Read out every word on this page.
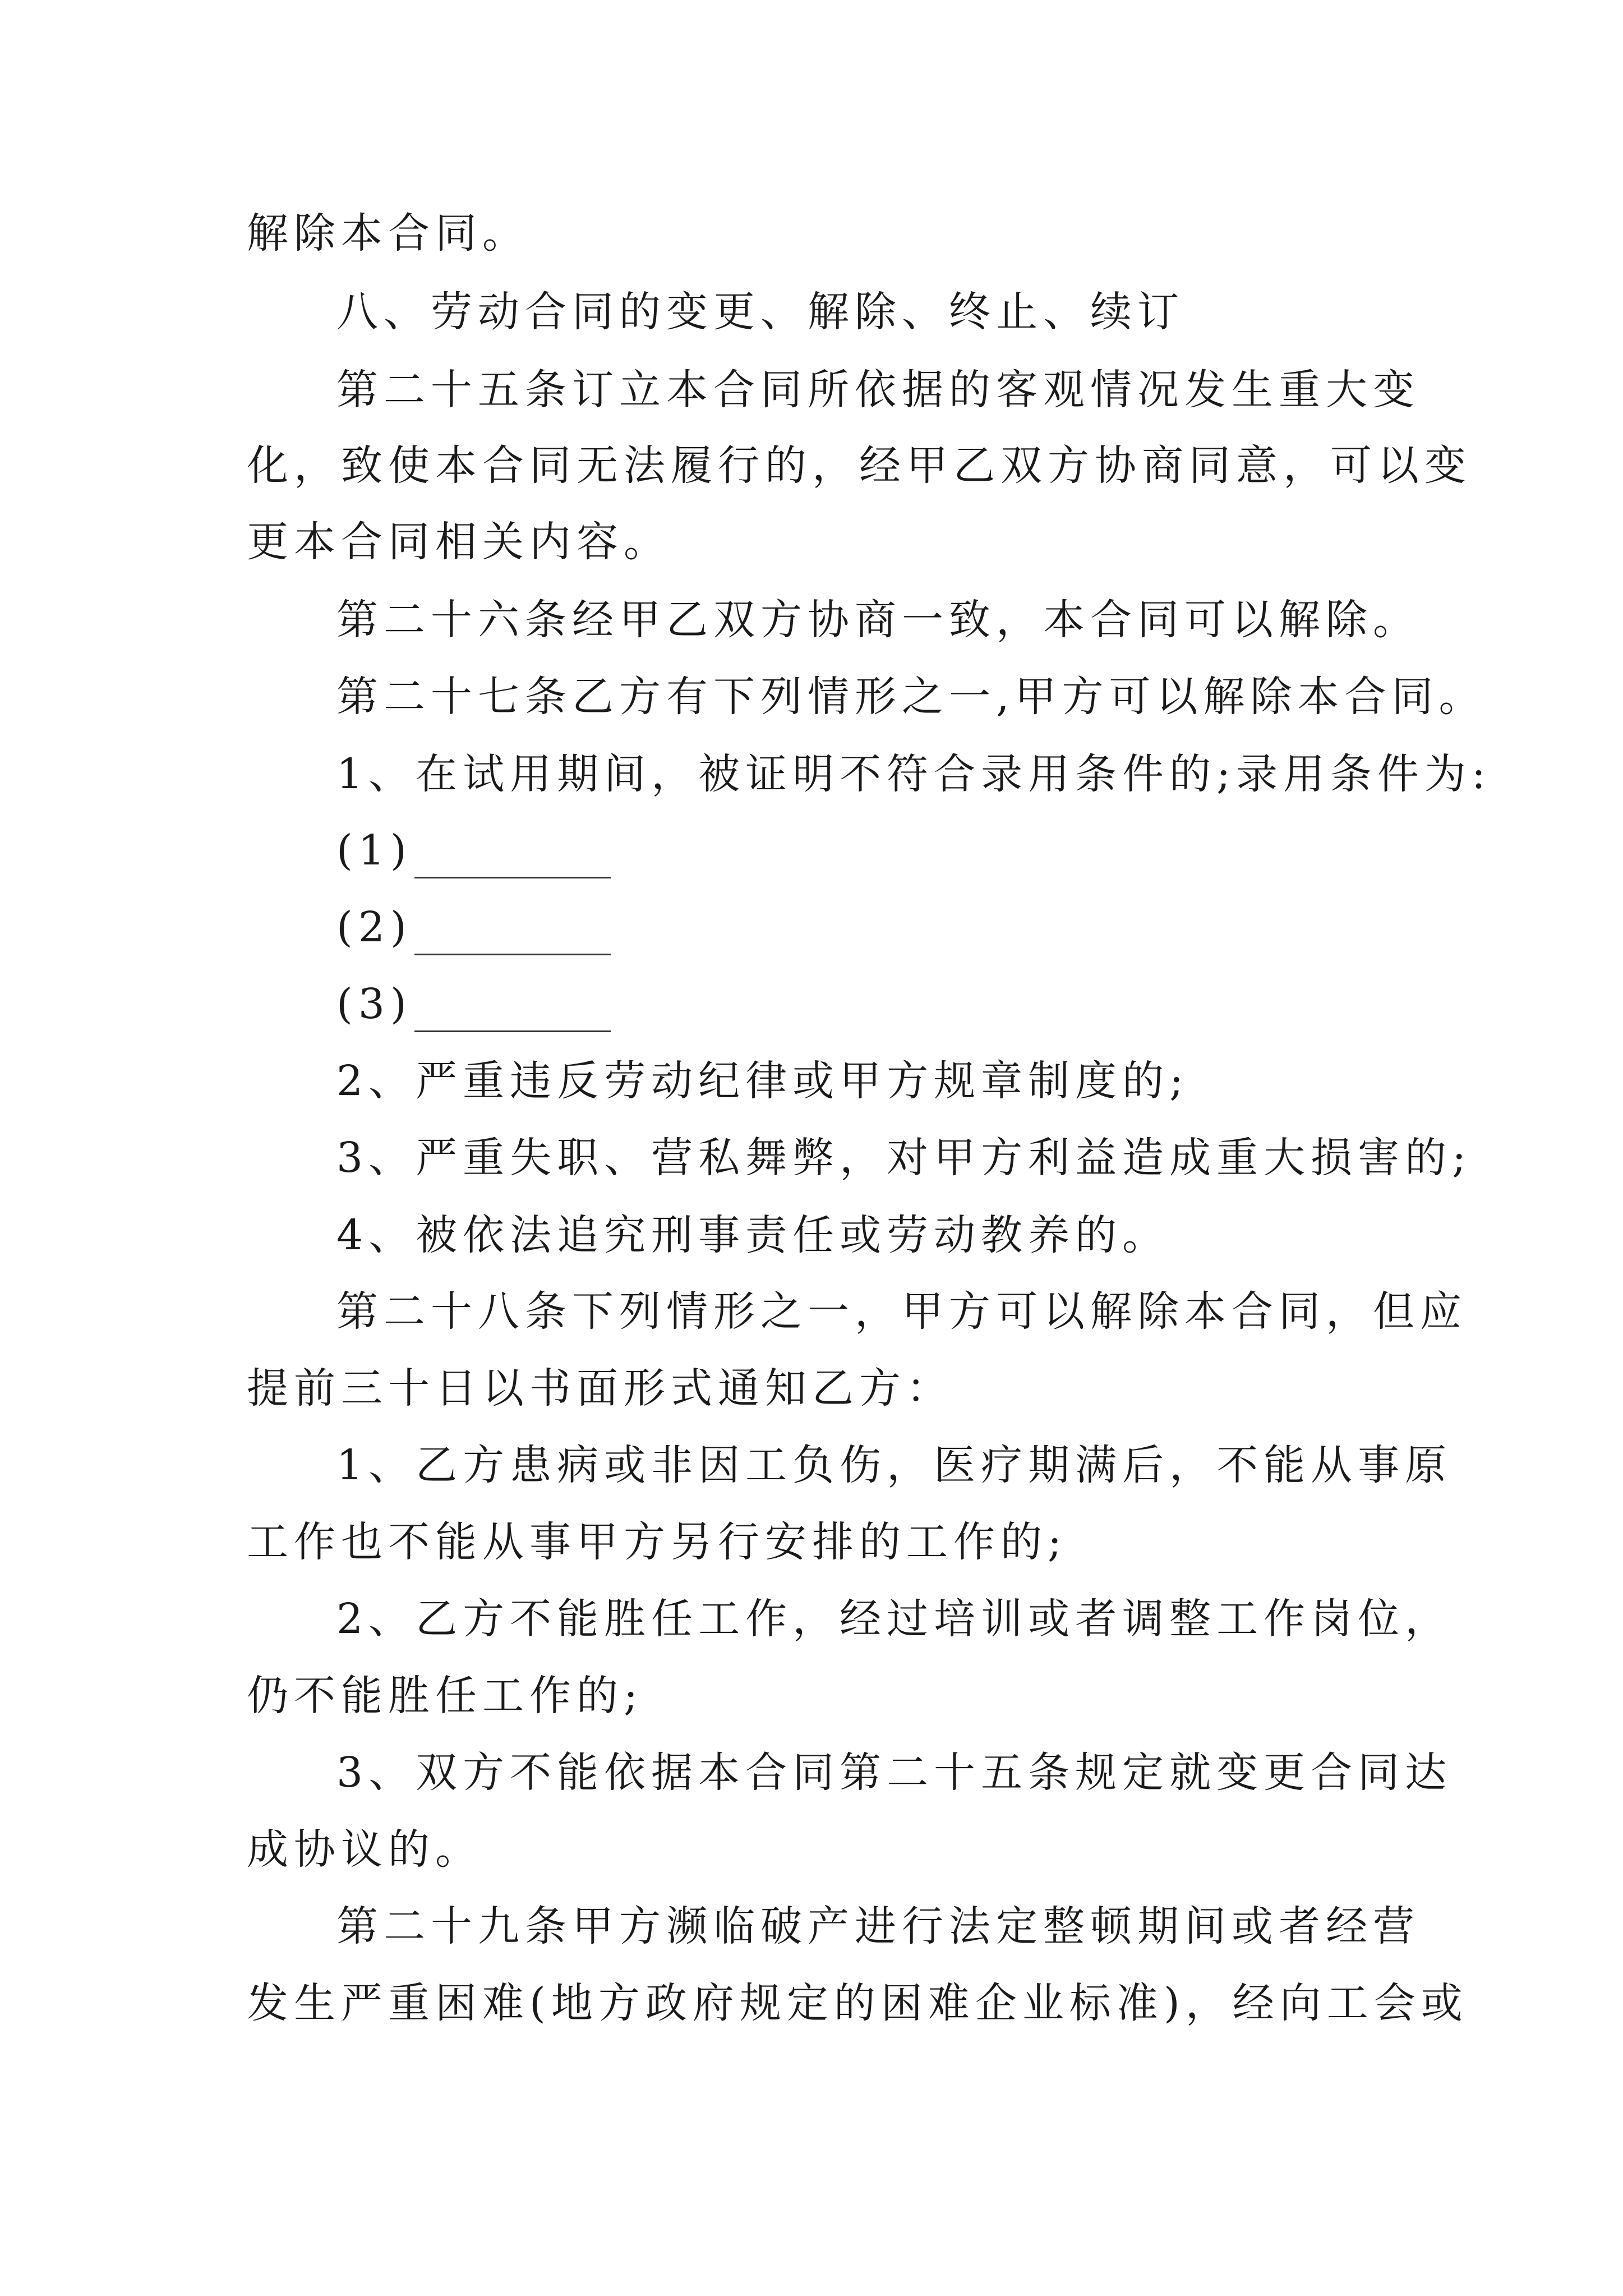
解除本合同。
八、劳动合同的变更、解除、终止、续订
第二十五条订立本合同所依据的客观情况发生重大变
化，致使本合同无法履行的，经甲乙双方协商同意，可以变
更本合同相关内容。
第二十六条经甲乙双方协商一致，本合同可以解除。
第二十七条乙方有下列情形之一,甲方可以解除本合同。
1、在试用期间，被证明不符合录用条件的;录用条件为:
(1)
(2)
(3)
2、严重违反劳动纪律或甲方规章制度的;
3、严重失职、营私舞弊，对甲方利益造成重大损害的;
4、被依法追究刑事责任或劳动教养的。
第二十八条下列情形之一，甲方可以解除本合同，但应
提前三十日以书面形式通知乙方：
1、乙方患病或非因工负伤，医疗期满后，不能从事原
工作也不能从事甲方另行安排的工作的;
2、乙方不能胜任工作，经过培训或者调整工作岗位，
仍不能胜任工作的;
3、双方不能依据本合同第二十五条规定就变更合同达
成协议的。
第二十九条甲方濒临破产进行法定整顿期间或者经营
发生严重困难(地方政府规定的困难企业标准)，经向工会或
